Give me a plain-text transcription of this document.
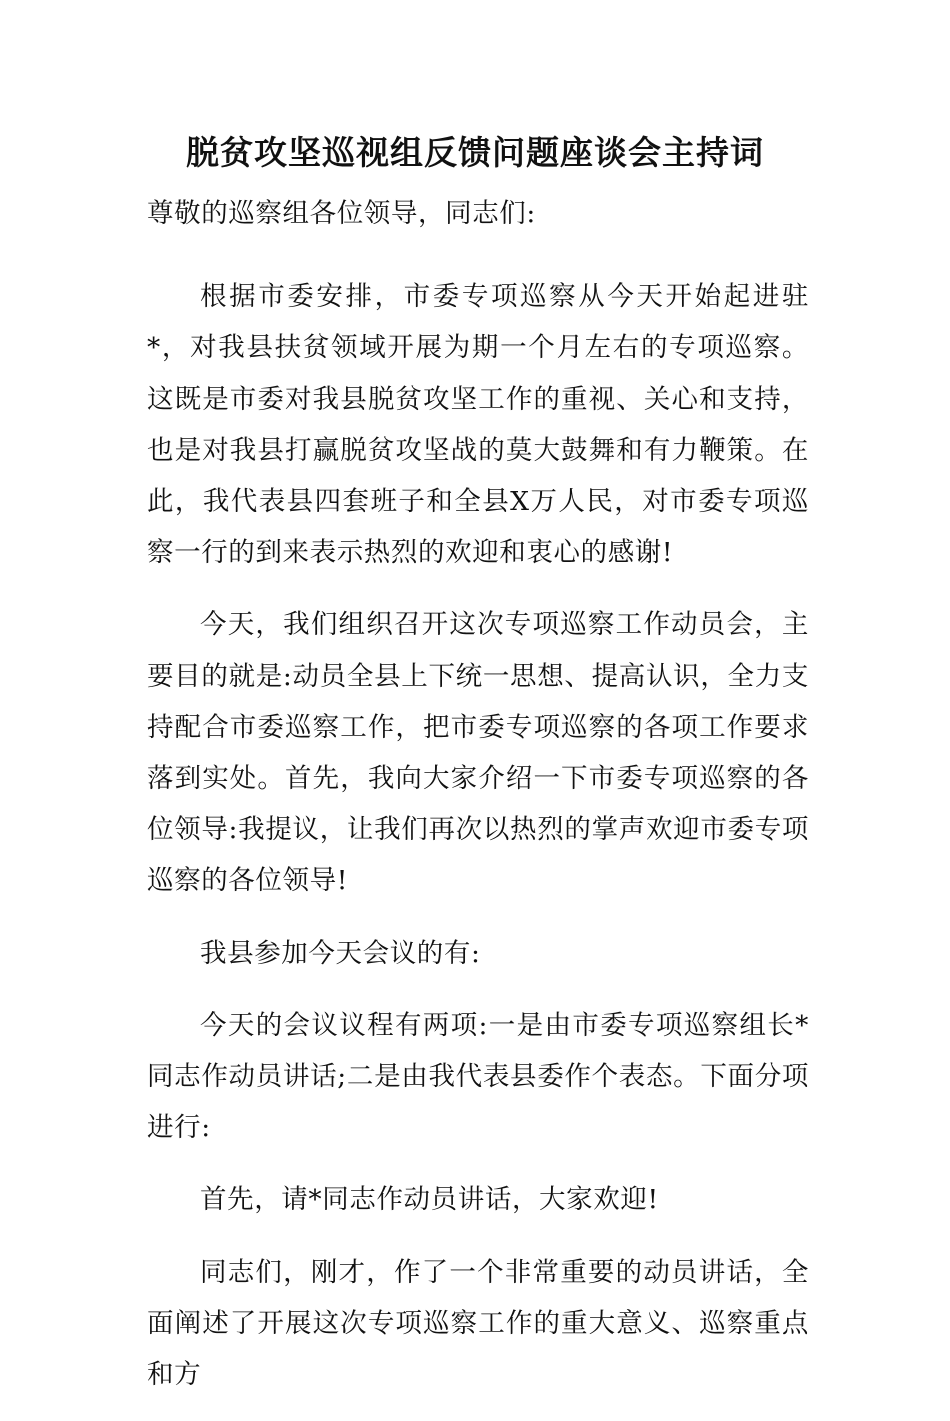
脱贫攻坚巡视组反馈问题座谈会主持词

尊敬的巡察组各位领导，同志们:

根据市委安排，市委专项巡察从今天开始起进驻*，对我县扶贫领域开展为期一个月左右的专项巡察。这既是市委对我县脱贫攻坚工作的重视、关心和支持，也是对我县打赢脱贫攻坚战的莫大鼓舞和有力鞭策。在此，我代表县四套班子和全县X万人民，对市委专项巡察一行的到来表示热烈的欢迎和衷心的感谢!

今天，我们组织召开这次专项巡察工作动员会，主要目的就是:动员全县上下统一思想、提高认识，全力支持配合市委巡察工作，把市委专项巡察的各项工作要求落到实处。首先，我向大家介绍一下市委专项巡察的各位领导:我提议，让我们再次以热烈的掌声欢迎市委专项巡察的各位领导!

我县参加今天会议的有:

今天的会议议程有两项:一是由市委专项巡察组长*同志作动员讲话;二是由我代表县委作个表态。下面分项进行:

首先，请*同志作动员讲话，大家欢迎!

同志们，刚才，作了一个非常重要的动员讲话，全面阐述了开展这次专项巡察工作的重大意义、巡察重点和方
